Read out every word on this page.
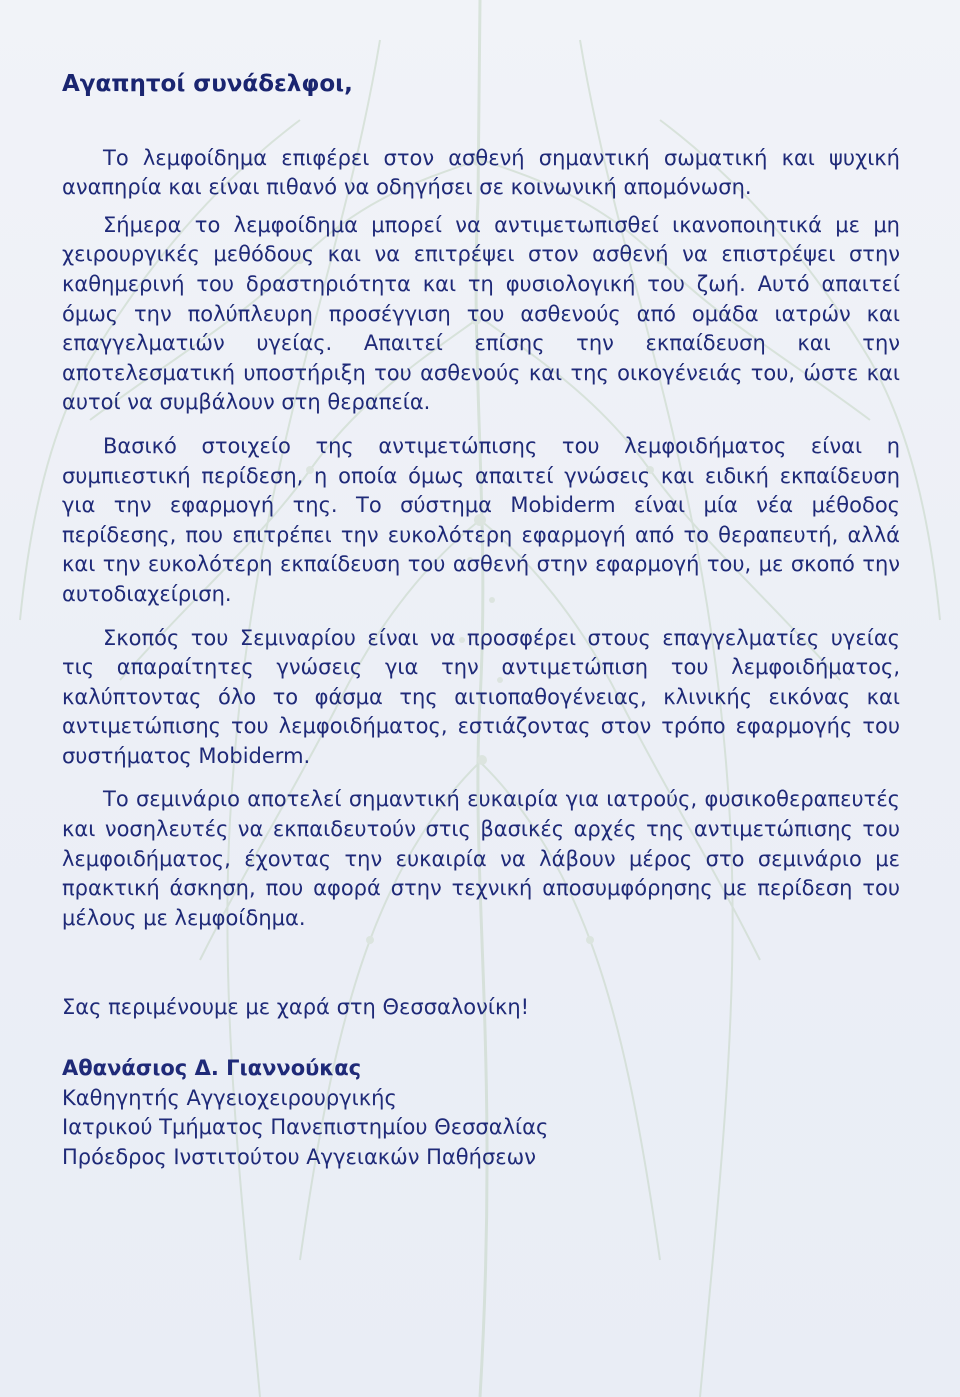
Αγαπητοί συνάδελφοι,

Το λεμφοίδημα επιφέρει στον ασθενή σημαντική σωματική και ψυχική αναπηρία και είναι πιθανό να οδηγήσει σε κοινωνική απομόνωση.

Σήμερα το λεμφοίδημα μπορεί να αντιμετωπισθεί ικανοποιητικά με μη χειρουργικές μεθόδους και να επιτρέψει στον ασθενή να επιστρέψει στην καθημερινή του δραστηριότητα και τη φυσιολογική του ζωή. Αυτό απαιτεί όμως την πολύπλευρη προσέγγιση του ασθενούς από ομάδα ιατρών και επαγγελματιών υγείας. Απαιτεί επίσης την εκπαίδευση και την αποτελεσματική υποστήριξη του ασθενούς και της οικογένειάς του, ώστε και αυτοί να συμβάλουν στη θεραπεία.

Βασικό στοιχείο της αντιμετώπισης του λεμφοιδήματος είναι η συμπιεστική περίδεση, η οποία όμως απαιτεί γνώσεις και ειδική εκπαίδευση για την εφαρμογή της. Το σύστημα Mobiderm είναι μία νέα μέθοδος περίδεσης, που επιτρέπει την ευκολότερη εφαρμογή από το θεραπευτή, αλλά και την ευκολότερη εκπαίδευση του ασθενή στην εφαρμογή του, με σκοπό την αυτοδιαχείριση.

Σκοπός του Σεμιναρίου είναι να προσφέρει στους επαγγελματίες υγείας τις απαραίτητες γνώσεις για την αντιμετώπιση του λεμφοιδήματος, καλύπτοντας όλο το φάσμα της αιτιοπαθογένειας, κλινικής εικόνας και αντιμετώπισης του λεμφοιδήματος, εστιάζοντας στον τρόπο εφαρμογής του συστήματος Mobiderm.

Το σεμινάριο αποτελεί σημαντική ευκαιρία για ιατρούς, φυσικοθεραπευτές και νοσηλευτές να εκπαιδευτούν στις βασικές αρχές της αντιμετώπισης του λεμφοιδήματος, έχοντας την ευκαιρία να λάβουν μέρος στο σεμινάριο με πρακτική άσκηση, που αφορά στην τεχνική αποσυμφόρησης με περίδεση του μέλους με λεμφοίδημα.

Σας περιμένουμε με χαρά στη Θεσσαλονίκη!

Αθανάσιος Δ. Γιαννούκας

Καθηγητής Αγγειοχειρουργικής

Ιατρικού Τμήματος Πανεπιστημίου Θεσσαλίας

Πρόεδρος Ινστιτούτου Αγγειακών Παθήσεων
